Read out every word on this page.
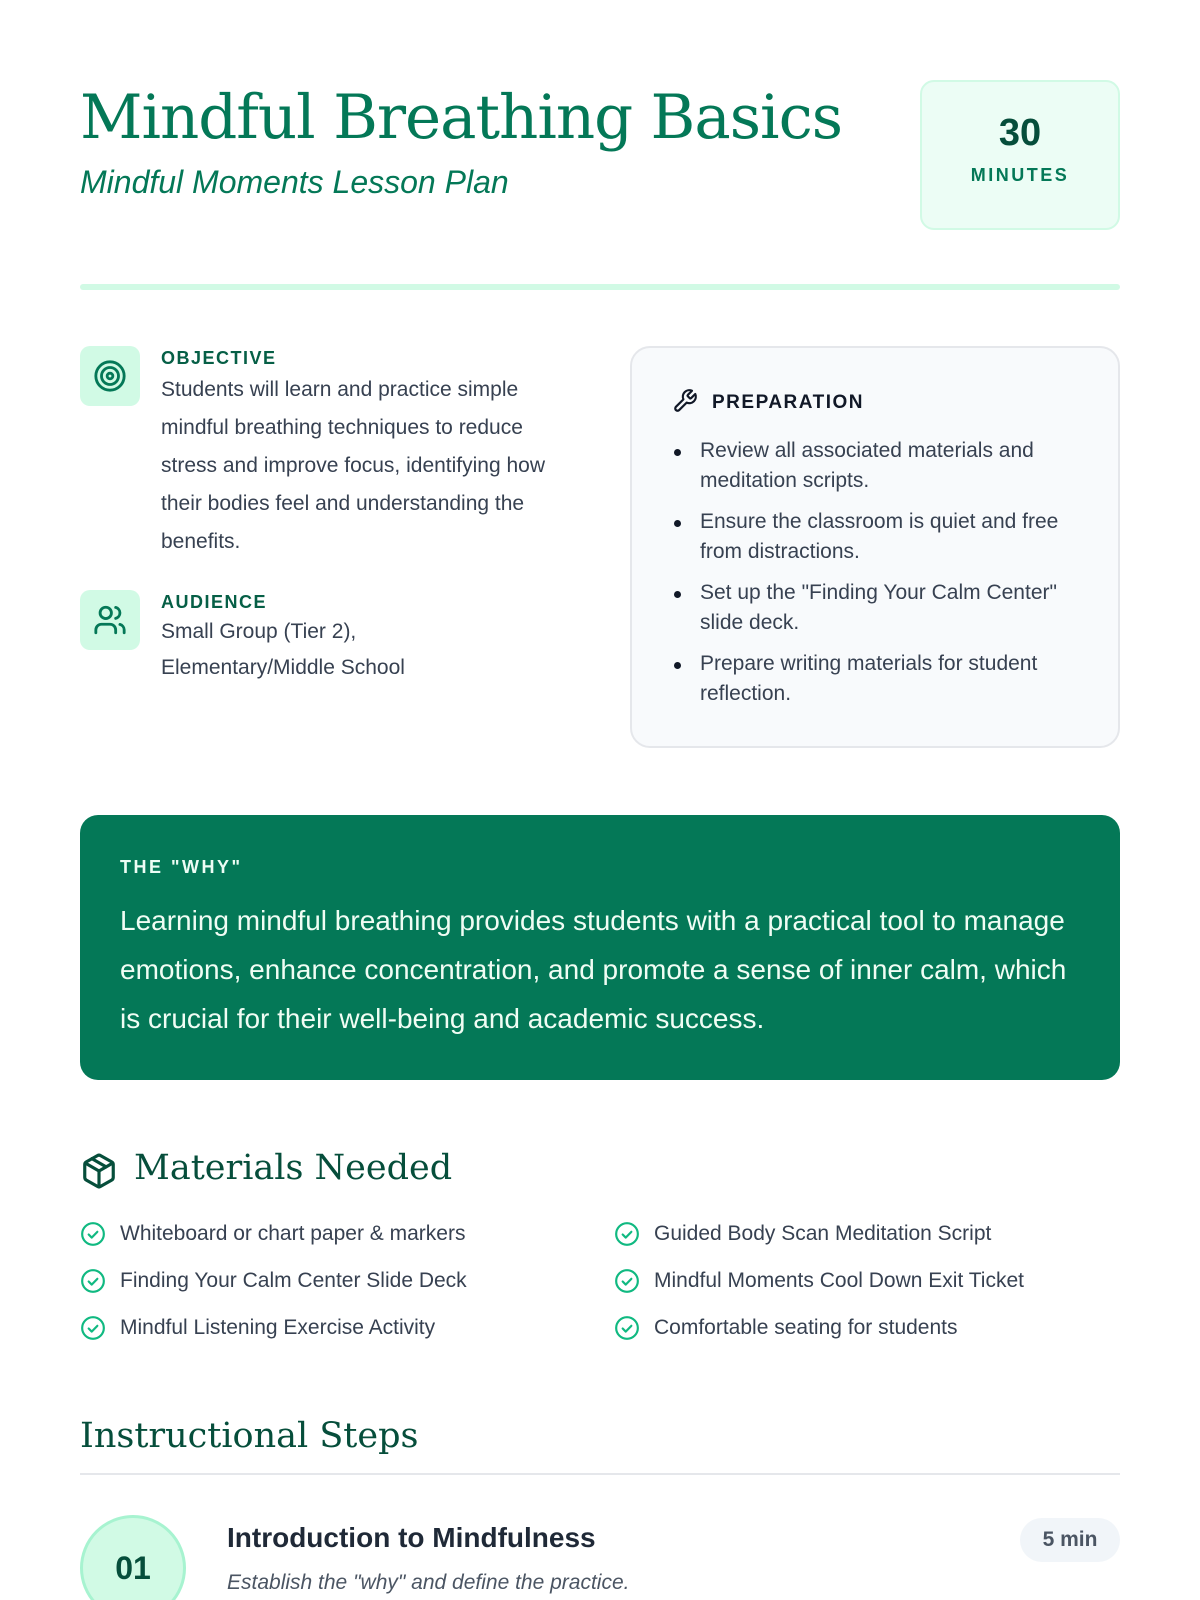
Mindful Breathing Basics
Mindful Moments Lesson Plan
30
MINUTES
OBJECTIVE
Students will learn and practice simple mindful breathing techniques to reduce stress and improve focus, identifying how their bodies feel and understanding the benefits.
AUDIENCE
Small Group (Tier 2),
Elementary/Middle School
PREPARATION
Review all associated materials and meditation scripts.
Ensure the classroom is quiet and free from distractions.
Set up the "Finding Your Calm Center" slide deck.
Prepare writing materials for student reflection.
THE "WHY"
Learning mindful breathing provides students with a practical tool to manage emotions, enhance concentration, and promote a sense of inner calm, which is crucial for their well-being and academic success.
Materials Needed
Whiteboard or chart paper & markers	Guided Body Scan Meditation Script
Finding Your Calm Center Slide Deck	Mindful Moments Cool Down Exit Ticket
Mindful Listening Exercise Activity	Comfortable seating for students
Instructional Steps
01
Introduction to Mindfulness
Establish the "why" and define the practice.
5 min
